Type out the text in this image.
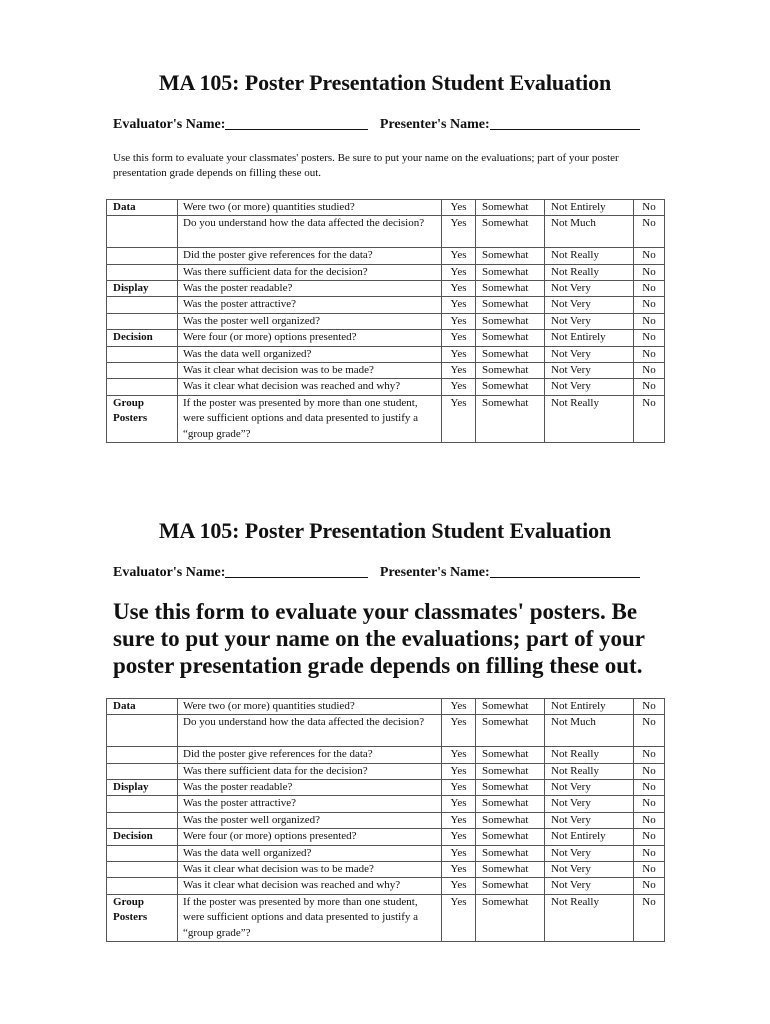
MA 105: Poster Presentation Student Evaluation
Evaluator's Name:	Presenter's Name:
Use this form to evaluate your classmates' posters. Be sure to put your name on the evaluations; part of your poster presentation grade depends on filling these out.
Data	Were two (or more) quantities studied?	Yes	Somewhat	Not Entirely	No
	Do you understand how the data affected the decision?	Yes	Somewhat	Not Much	No
	Did the poster give references for the data?	Yes	Somewhat	Not Really	No
	Was there sufficient data for the decision?	Yes	Somewhat	Not Really	No
Display	Was the poster readable?	Yes	Somewhat	Not Very	No
	Was the poster attractive?	Yes	Somewhat	Not Very	No
	Was the poster well organized?	Yes	Somewhat	Not Very	No
Decision	Were four (or more) options presented?	Yes	Somewhat	Not Entirely	No
	Was the data well organized?	Yes	Somewhat	Not Very	No
	Was it clear what decision was to be made?	Yes	Somewhat	Not Very	No
	Was it clear what decision was reached and why?	Yes	Somewhat	Not Very	No
Group Posters	If the poster was presented by more than one student, were sufficient options and data presented to justify a “group grade”?	Yes	Somewhat	Not Really	No
MA 105: Poster Presentation Student Evaluation
Evaluator's Name:	Presenter's Name:
Use this form to evaluate your classmates' posters. Be sure to put your name on the evaluations; part of your poster presentation grade depends on filling these out.
Data	Were two (or more) quantities studied?	Yes	Somewhat	Not Entirely	No
	Do you understand how the data affected the decision?	Yes	Somewhat	Not Much	No
	Did the poster give references for the data?	Yes	Somewhat	Not Really	No
	Was there sufficient data for the decision?	Yes	Somewhat	Not Really	No
Display	Was the poster readable?	Yes	Somewhat	Not Very	No
	Was the poster attractive?	Yes	Somewhat	Not Very	No
	Was the poster well organized?	Yes	Somewhat	Not Very	No
Decision	Were four (or more) options presented?	Yes	Somewhat	Not Entirely	No
	Was the data well organized?	Yes	Somewhat	Not Very	No
	Was it clear what decision was to be made?	Yes	Somewhat	Not Very	No
	Was it clear what decision was reached and why?	Yes	Somewhat	Not Very	No
Group Posters	If the poster was presented by more than one student, were sufficient options and data presented to justify a “group grade”?	Yes	Somewhat	Not Really	No
